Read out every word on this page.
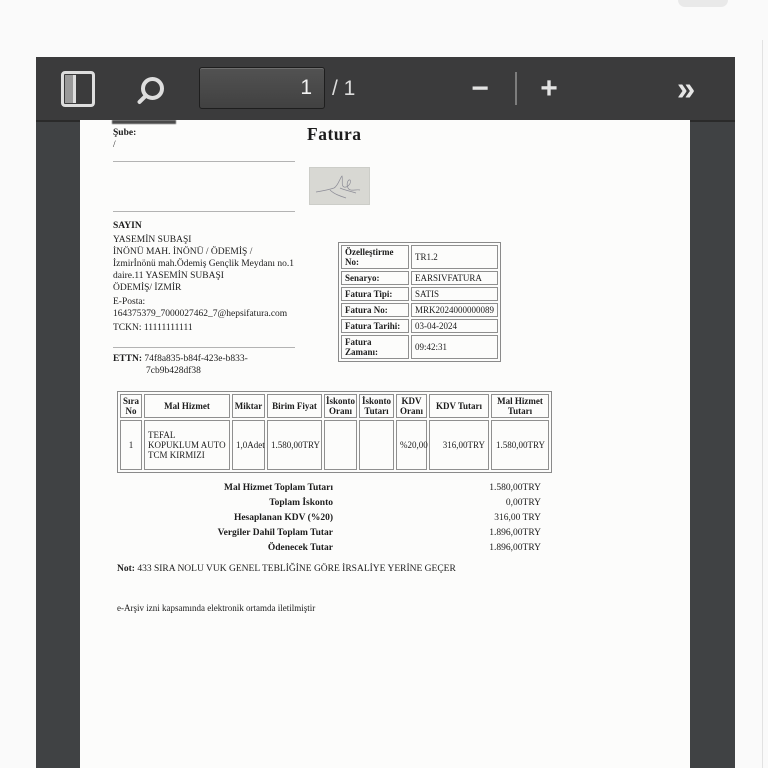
1
/ 1	− +	»
Şube:
/
Fatura
SAYIN
YASEMİN SUBAŞI
İNÖNÜ MAH. İNÖNÜ / ÖDEMİŞ /
İzmirİnönü mah.Ödemiş Gençlik Meydanı no.1
daire.11 YASEMİN SUBAŞI
ÖDEMİŞ/ İZMİR
E-Posta:
164375379_7000027462_7@hepsifatura.com
TCKN: 11111111111
ETTN: 74f8a835-b84f-423e-b833-
7cb9b428df38
Özelleştirme No:	TR1.2
Senaryo:	EARSIVFATURA
Fatura Tipi:	SATIS
Fatura No:	MRK2024000000089
Fatura Tarihi:	03-04-2024
Fatura Zamanı:	09:42:31
Sıra No	Mal Hizmet	Miktar	Birim Fiyat	İskonto Oranı	İskonto Tutarı	KDV Oranı	KDV Tutarı	Mal Hizmet Tutarı
1	TEFAL KOPUKLUM AUTO TCM KIRMIZI	1,0Adet	1.580,00TRY			%20,00	316,00TRY	1.580,00TRY
Mal Hizmet Toplam Tutarı	1.580,00TRY
Toplam İskonto	0,00TRY
Hesaplanan KDV (%20)	316,00 TRY
Vergiler Dahil Toplam Tutar	1.896,00TRY
Ödenecek Tutar	1.896,00TRY
Not: 433 SIRA NOLU VUK GENEL TEBLİĞİNE GÖRE İRSALİYE YERİNE GEÇER
e-Arşiv izni kapsamında elektronik ortamda iletilmiştir
